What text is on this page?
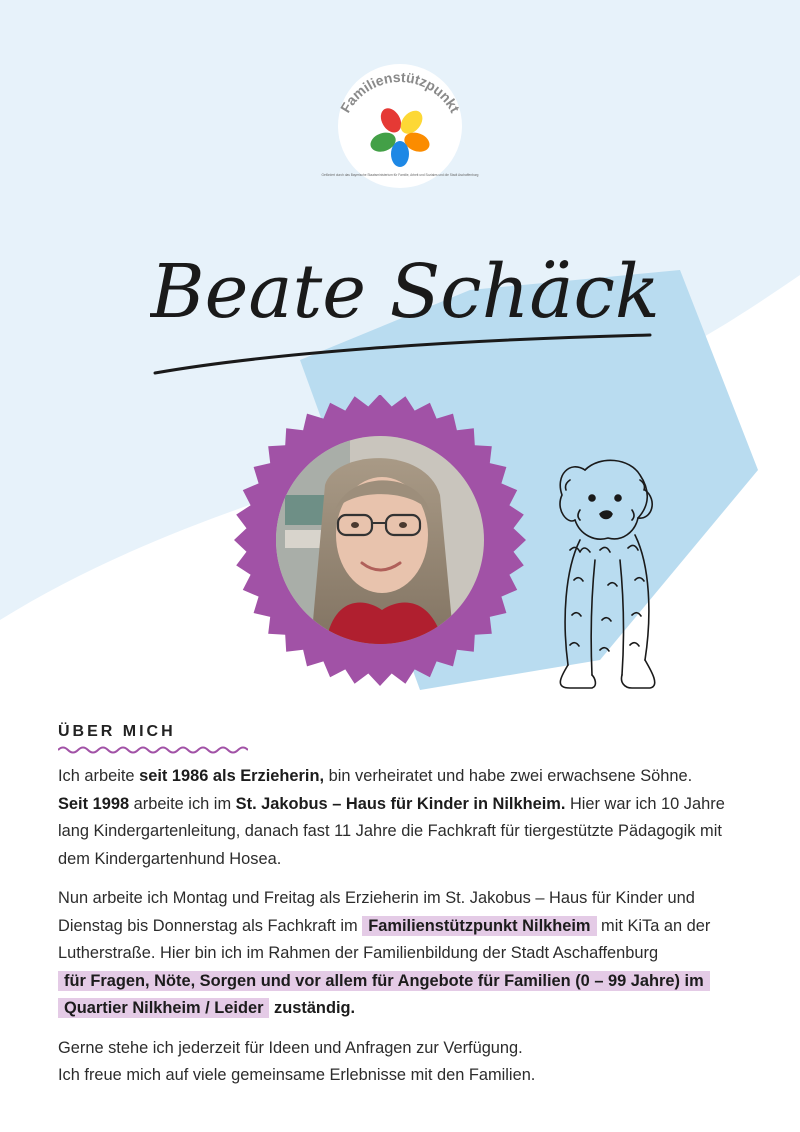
Familienstützpunkt
Gefördert durch das Bayerische Staatsministerium für Familie, Arbeit und Soziales und die Stadt Aschaffenburg
Beate Schäck
ÜBER MICH

Ich arbeite seit 1986 als Erzieherin, bin verheiratet und habe zwei erwachsene Söhne.
Seit 1998 arbeite ich im St. Jakobus – Haus für Kinder in Nilkheim. Hier war ich 10 Jahre lang Kindergartenleitung, danach fast 11 Jahre die Fachkraft für tiergestützte Pädagogik mit dem Kindergartenhund Hosea.

Nun arbeite ich Montag und Freitag als Erzieherin im St. Jakobus – Haus für Kinder und Dienstag bis Donnerstag als Fachkraft im Familienstützpunkt Nilkheim mit KiTa an der Lutherstraße. Hier bin ich im Rahmen der Familienbildung der Stadt Aschaffenburg
für Fragen, Nöte, Sorgen und vor allem für Angebote für Familien (0 – 99 Jahre) im
Quartier Nilkheim / Leider zuständig.

Gerne stehe ich jederzeit für Ideen und Anfragen zur Verfügung.
Ich freue mich auf viele gemeinsame Erlebnisse mit den Familien.
